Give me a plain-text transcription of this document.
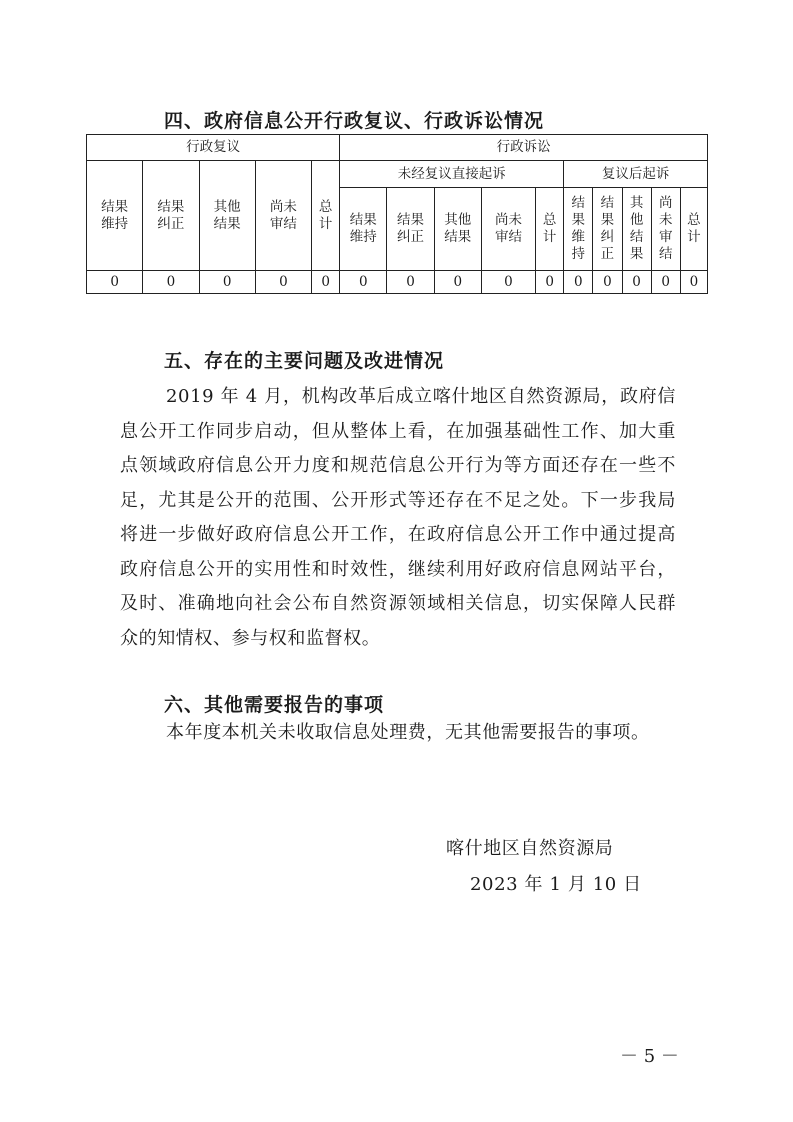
四、政府信息公开行政复议、行政诉讼情况
行政复议					行政诉讼									
结果维持	结果纠正	其他结果	尚未审结	总计	未经复议直接起诉					复议后起诉				
					结果维持	结果纠正	其他结果	尚未审结	总计	结果维持	结果纠正	其他结果	尚未审结	总计
0	0	0	0	0	0	0	0	0	0	0	0	0	0	0
五、存在的主要问题及改进情况
2019 年 4 月，机构改革后成立喀什地区自然资源局，政府信息公开工作同步启动，但从整体上看，在加强基础性工作、加大重点领域政府信息公开力度和规范信息公开行为等方面还存在一些不足，尤其是公开的范围、公开形式等还存在不足之处。下一步我局将进一步做好政府信息公开工作，在政府信息公开工作中通过提高政府信息公开的实用性和时效性，继续利用好政府信息网站平台，及时、准确地向社会公布自然资源领域相关信息，切实保障人民群众的知情权、参与权和监督权。
六、其他需要报告的事项
本年度本机关未收取信息处理费，无其他需要报告的事项。
喀什地区自然资源局
2023 年 1 月 10 日
－ 5 －
